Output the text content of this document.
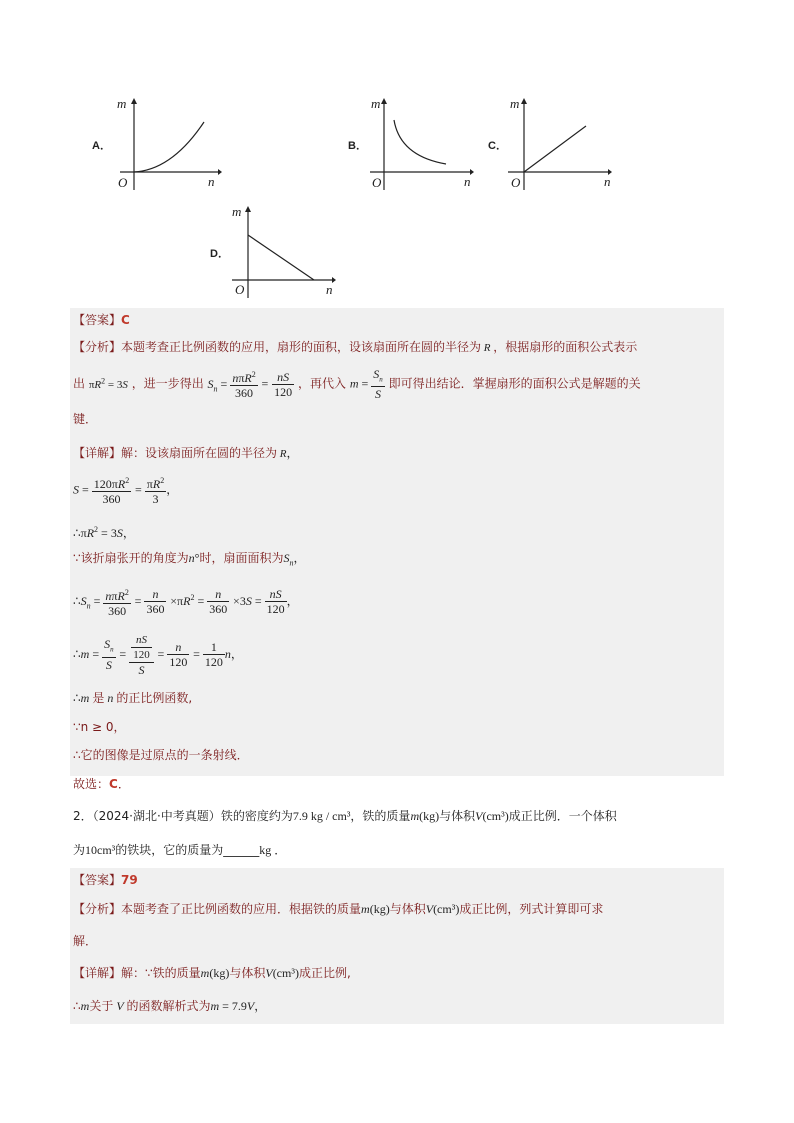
A．
m
n
O
B．
m
n
O
C．
m
n
O
D．
m
n
O
【答案】C
【分析】本题考查正比例函数的应用，扇形的面积，设该扇面所在圆的半径为 R ，根据扇形的面积公式表示
出 $\pi R^2 = 3S$ ，进一步得出 $S_n = \frac{n\pi R^2}{360} = \frac{nS}{120}$ ，再代入 $m = \frac{S_n}{S}$ 即可得出结论．掌握扇形的面积公式是解题的关
键．
【详解】解：设该扇面所在圆的半径为 R，
$S = \frac{120\pi R^2}{360} = \frac{\pi R^2}{3}$ ，
$\therefore\pi R^2 = 3S$，
∵该折扇张开的角度为n°时，扇面面积为$S_n$，
$\therefore S_n = \frac{n\pi R^2}{360} = \frac{n}{360} \times\pi R^2 = \frac{n}{360} \times 3S = \frac{nS}{120}$ ，
∴m = $\frac{S_n}{S} = \frac{\frac{nS}{120}}{S} = \frac{n}{120} = \frac{1}{120}$ n，
∴m 是 n 的正比例函数,
∵n ≥ 0，
∴它的图像是过原点的一条射线．
故选：C．
2．（2024·湖北·中考真题）铁的密度约为7.9 kg / cm³，铁的质量m(kg)与体积V(cm³)成正比例．一个体积
为10cm³的铁块，它的质量为______kg ．
【答案】79
【分析】本题考查了正比例函数的应用．根据铁的质量m(kg)与体积V(cm³)成正比例，列式计算即可求
解．
【详解】解：∵铁的质量m(kg)与体积V(cm³)成正比例,
∴m关于 V 的函数解析式为m = 7.9V，
